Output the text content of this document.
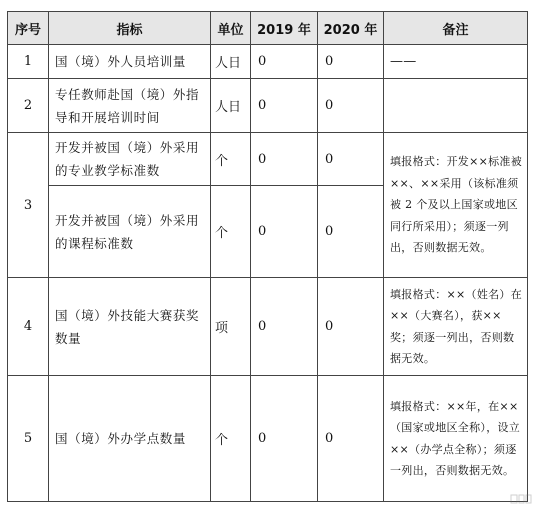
序号	指标	单位	2019 年	2020 年	备注
1	国（境）外人员培训量	人日	0	0	——
2	专任教师赴国（境）外指导和开展培训时间	人日	0	0	
3	开发并被国（境）外采用的专业教学标准数	个	0	0	填报格式：开发××标准被××、××采用（该标准须被 2 个及以上国家或地区同行所采用）；须逐一列出，否则数据无效。
	开发并被国（境）外采用的课程标准数	个	0	0	
4	国（境）外技能大赛获奖数量	项	0	0	填报格式：××（姓名）在××（大赛名），获××奖；须逐一列出，否则数据无效。
5	国（境）外办学点数量	个	0	0	填报格式：××年，在××（国家或地区全称），设立××（办学点全称）；须逐一列出，否则数据无效。
